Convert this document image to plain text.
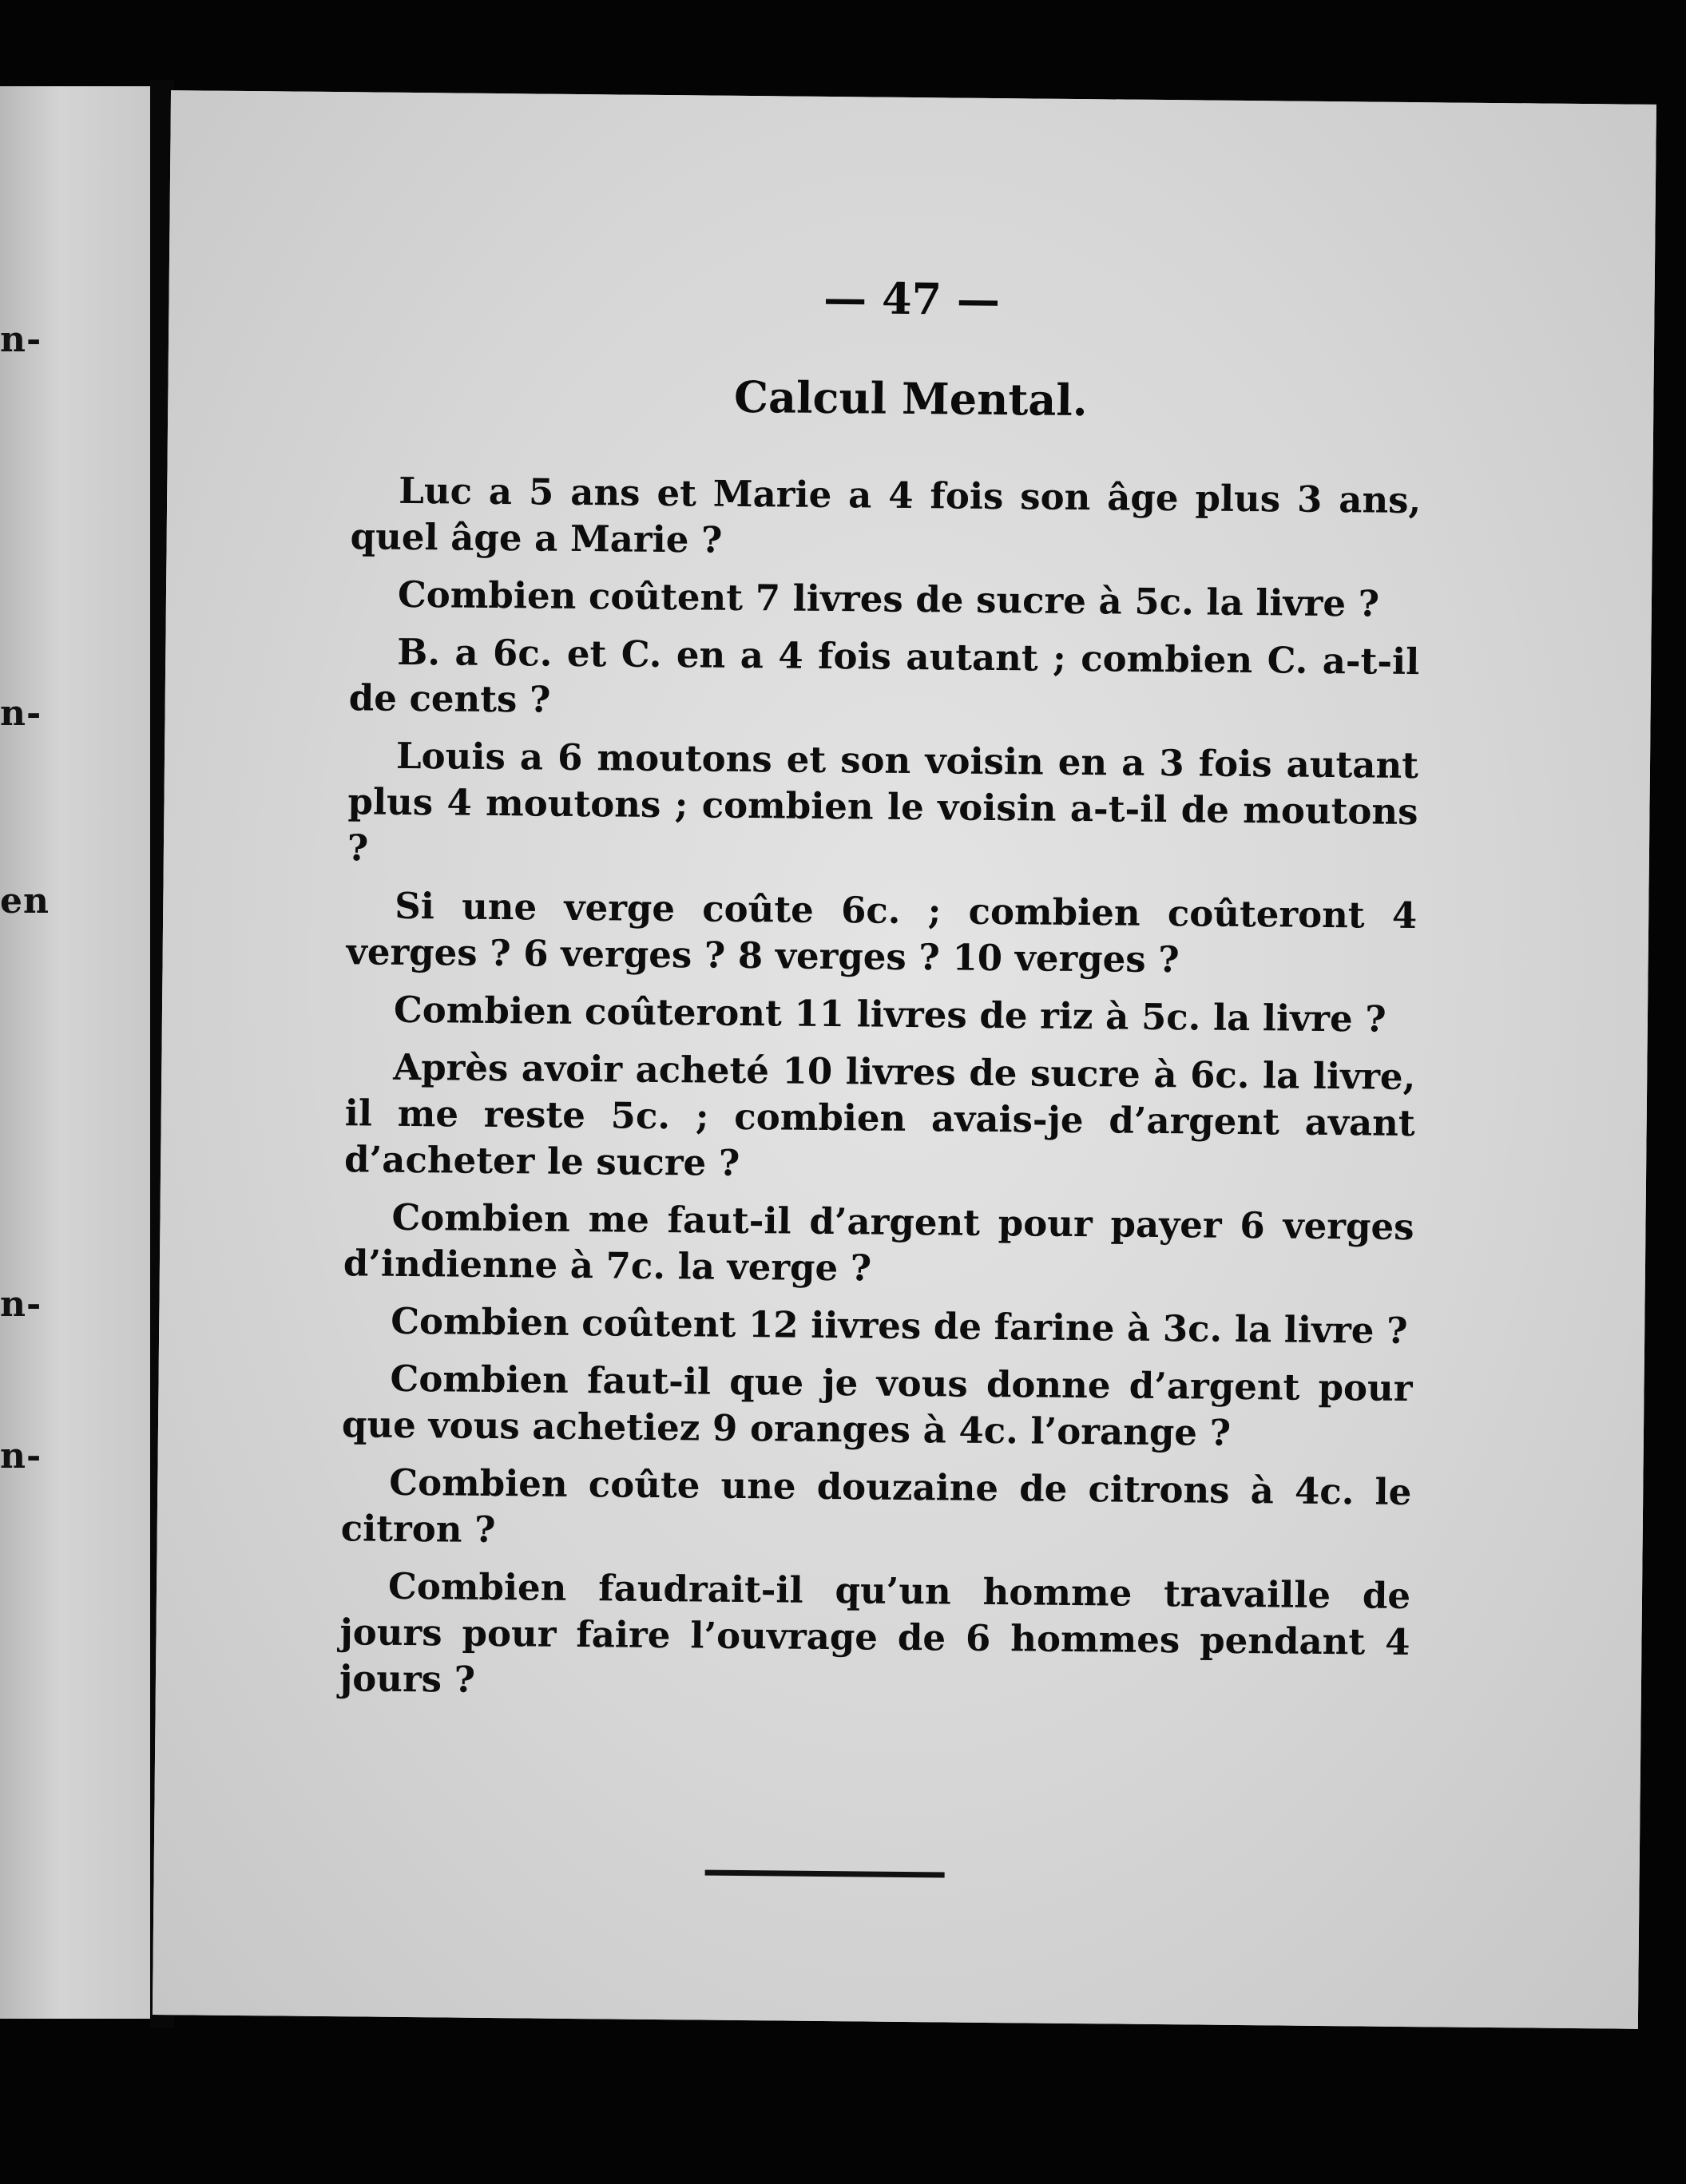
n-
n-
en
n-
n-
— 47 —
Calcul Mental.
Luc a 5 ans et Marie a 4 fois son âge plus 3 ans, quel âge a Marie ?
Combien coûtent 7 livres de sucre à 5c. la livre ?
B. a 6c. et C. en a 4 fois autant ; combien C. a-t-il de cents ?
Louis a 6 moutons et son voisin en a 3 fois autant plus 4 moutons ; combien le voisin a-t-il de moutons ?
Si une verge coûte 6c. ; combien coûteront 4 verges ? 6 verges ? 8 verges ? 10 verges ?
Combien coûteront 11 livres de riz à 5c. la livre ?
Après avoir acheté 10 livres de sucre à 6c. la livre, il me reste 5c. ; combien avais-je d’argent avant d’acheter le sucre ?
Combien me faut-il d’argent pour payer 6 verges d’indienne à 7c. la verge ?
Combien coûtent 12 iivres de farine à 3c. la livre ?
Combien faut-il que je vous donne d’argent pour que vous achetiez 9 oranges à 4c. l’orange ?
Combien coûte une douzaine de citrons à 4c. le citron ?
Combien faudrait-il qu’un homme travaille de jours pour faire l’ouvrage de 6 hommes pendant 4 jours ?
